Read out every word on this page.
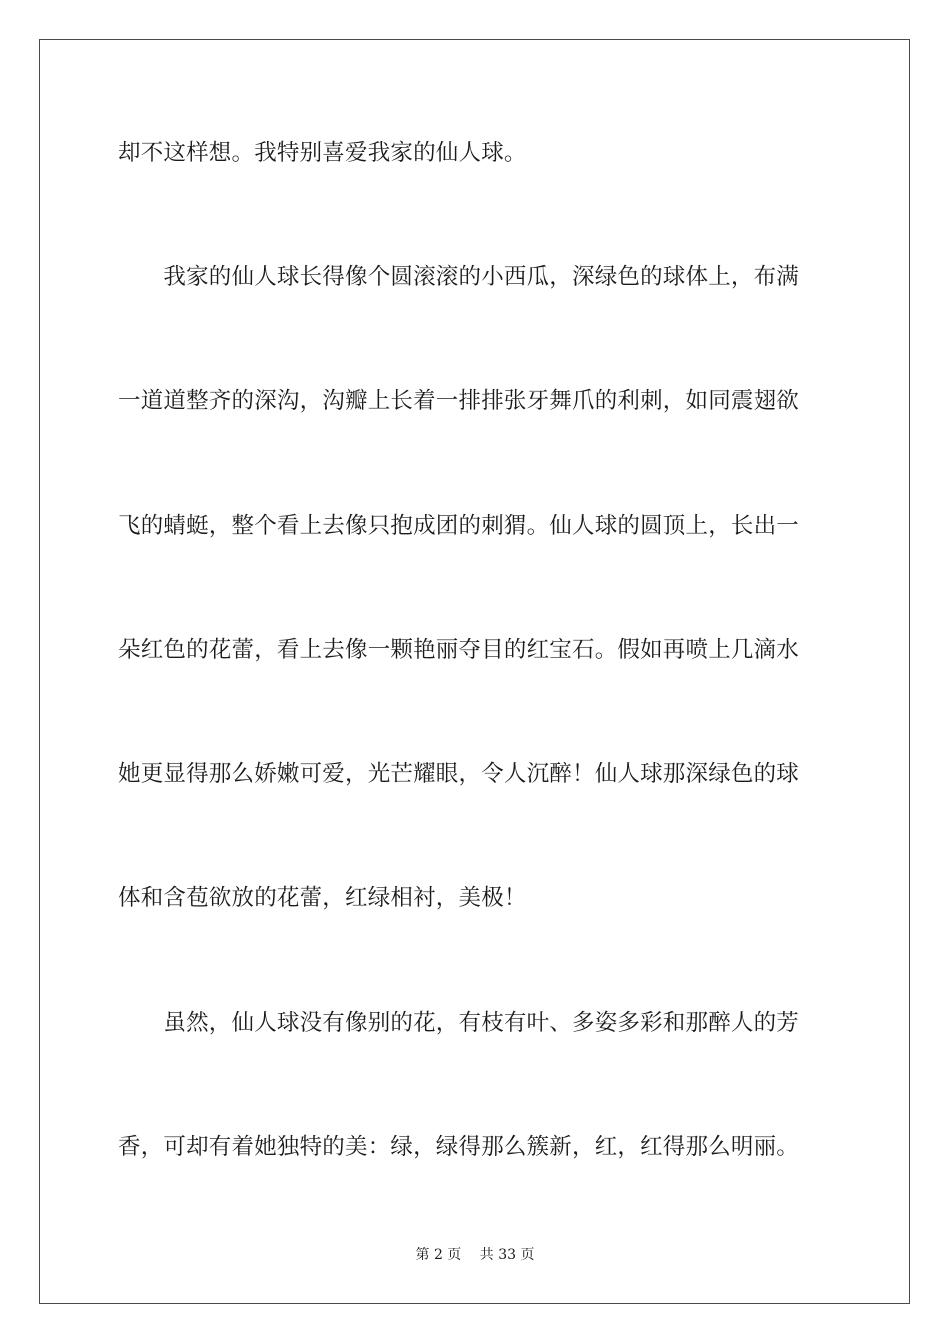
却不这样想。我特别喜爱我家的仙人球。
　　我家的仙人球长得像个圆滚滚的小西瓜，深绿色的球体上，布满
一道道整齐的深沟，沟瓣上长着一排排张牙舞爪的利刺，如同震翅欲
飞的蜻蜓，整个看上去像只抱成团的刺猬。仙人球的圆顶上，长出一
朵红色的花蕾，看上去像一颗艳丽夺目的红宝石。假如再喷上几滴水
她更显得那么娇嫩可爱，光芒耀眼，令人沉醉！仙人球那深绿色的球
体和含苞欲放的花蕾，红绿相衬，美极！
　　虽然，仙人球没有像别的花，有枝有叶、多姿多彩和那醉人的芳
香，可却有着她独特的美：绿，绿得那么簇新，红，红得那么明丽。
第 2 页　 共 33 页
